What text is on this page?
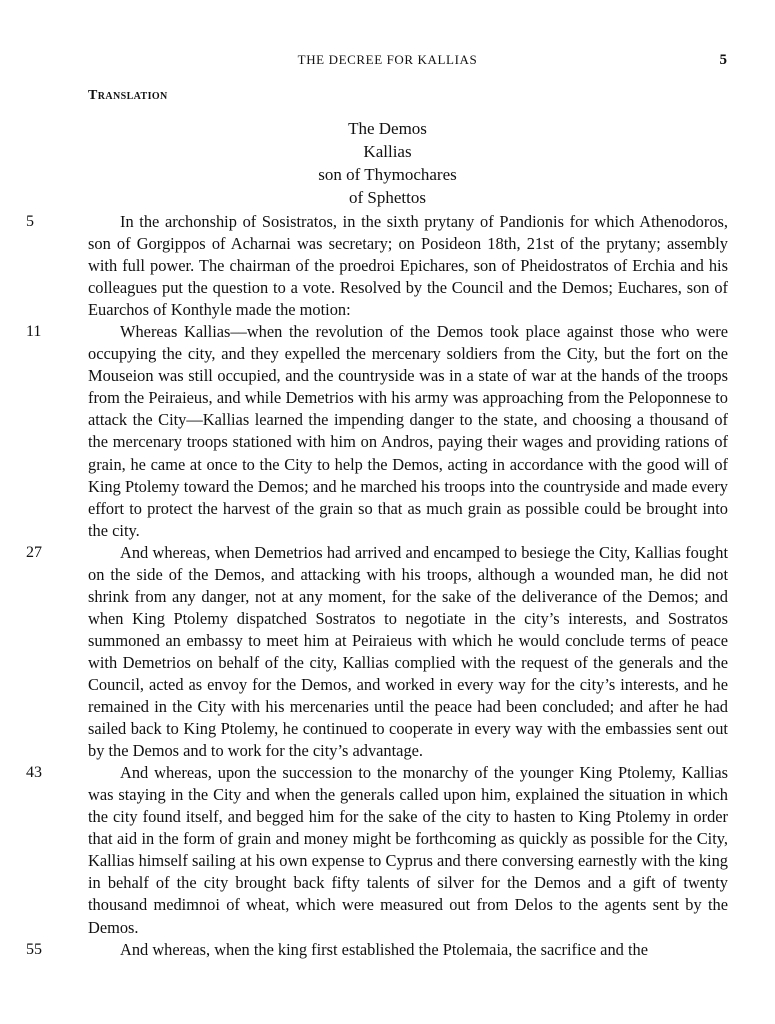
THE DECREE FOR KALLIAS	5
Translation
The Demos
Kallias
son of Thymochares
of Sphettos

5	In the archonship of Sosistratos, in the sixth prytany of Pandionis for which Athenodoros, son of Gorgippos of Acharnai was secretary; on Posideon 18th, 21st of the prytany; assembly with full power. The chairman of the proedroi Epichares, son of Pheidostratos of Erchia and his colleagues put the question to a vote. Resolved by the Council and the Demos; Euchares, son of Euarchos of Konthyle made the motion:

11	Whereas Kallias––when the revolution of the Demos took place against those who were occupying the city, and they expelled the mercenary soldiers from the City, but the fort on the Mouseion was still occupied, and the countryside was in a state of war at the hands of the troops from the Peiraieus, and while Demetrios with his army was approaching from the Peloponnese to attack the City—Kallias learned the impending danger to the state, and choosing a thousand of the mercenary troops stationed with him on Andros, paying their wages and providing rations of grain, he came at once to the City to help the Demos, acting in accordance with the good will of King Ptolemy toward the Demos; and he marched his troops into the countryside and made every effort to protect the harvest of the grain so that as much grain as possible could be brought into the city.

27	And whereas, when Demetrios had arrived and encamped to besiege the City, Kallias fought on the side of the Demos, and attacking with his troops, although a wounded man, he did not shrink from any danger, not at any moment, for the sake of the deliverance of the Demos; and when King Ptolemy dispatched Sostratos to negotiate in the city’s interests, and Sostratos summoned an embassy to meet him at Peiraieus with which he would conclude terms of peace with Demetrios on behalf of the city, Kallias complied with the request of the generals and the Council, acted as envoy for the Demos, and worked in every way for the city’s interests, and he remained in the City with his mercenaries until the peace had been concluded; and after he had sailed back to King Ptolemy, he continued to cooperate in every way with the embassies sent out by the Demos and to work for the city’s advantage.

43	And whereas, upon the succession to the monarchy of the younger King Ptolemy, Kallias was staying in the City and when the generals called upon him, explained the situation in which the city found itself, and begged him for the sake of the city to hasten to King Ptolemy in order that aid in the form of grain and money might be forthcoming as quickly as possible for the City, Kallias himself sailing at his own expense to Cyprus and there conversing earnestly with the king in behalf of the city brought back fifty talents of silver for the Demos and a gift of twenty thousand medimnoi of wheat, which were measured out from Delos to the agents sent by the Demos.

55	And whereas, when the king first established the Ptolemaia, the sacrifice and the
